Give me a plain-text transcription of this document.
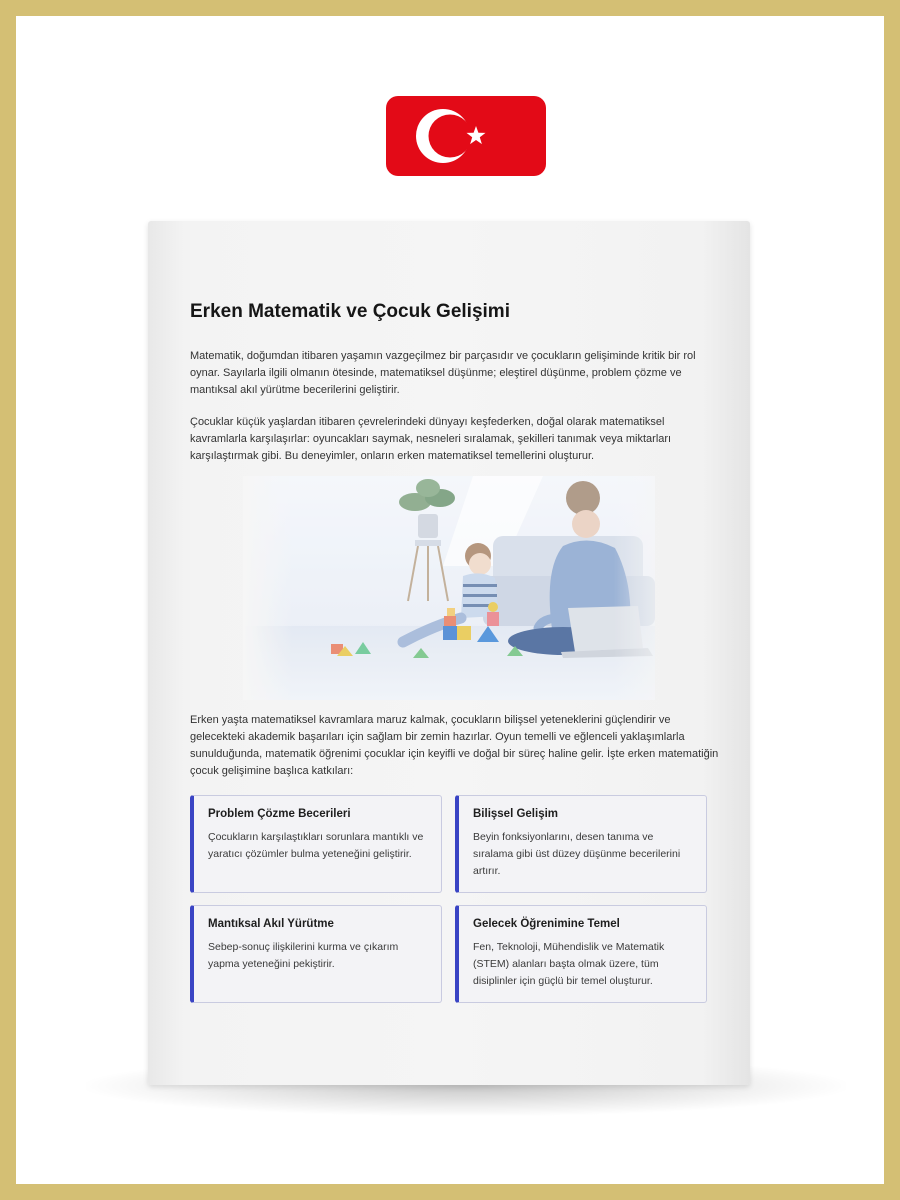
Erken Matematik ve Çocuk Gelişimi

Matematik, doğumdan itibaren yaşamın vazgeçilmez bir parçasıdır ve çocukların gelişiminde kritik bir rol oynar. Sayılarla ilgili olmanın ötesinde, matematiksel düşünme; eleştirel düşünme, problem çözme ve mantıksal akıl yürütme becerilerini geliştirir.

Çocuklar küçük yaşlardan itibaren çevrelerindeki dünyayı keşfederken, doğal olarak matematiksel kavramlarla karşılaşırlar: oyuncakları saymak, nesneleri sıralamak, şekilleri tanımak veya miktarları karşılaştırmak gibi. Bu deneyimler, onların erken matematiksel temellerini oluşturur.

Erken yaşta matematiksel kavramlara maruz kalmak, çocukların bilişsel yeteneklerini güçlendirir ve gelecekteki akademik başarıları için sağlam bir zemin hazırlar. Oyun temelli ve eğlenceli yaklaşımlarla sunulduğunda, matematik öğrenimi çocuklar için keyifli ve doğal bir süreç haline gelir. İşte erken matematiğin çocuk gelişimine başlıca katkıları:

Problem Çözme Becerileri

Çocukların karşılaştıkları sorunlara mantıklı ve yaratıcı çözümler bulma yeteneğini geliştirir.

Bilişsel Gelişim

Beyin fonksiyonlarını, desen tanıma ve sıralama gibi üst düzey düşünme becerilerini artırır.

Mantıksal Akıl Yürütme

Sebep-sonuç ilişkilerini kurma ve çıkarım yapma yeteneğini pekiştirir.

Gelecek Öğrenimine Temel

Fen, Teknoloji, Mühendislik ve Matematik (STEM) alanları başta olmak üzere, tüm disiplinler için güçlü bir temel oluşturur.
